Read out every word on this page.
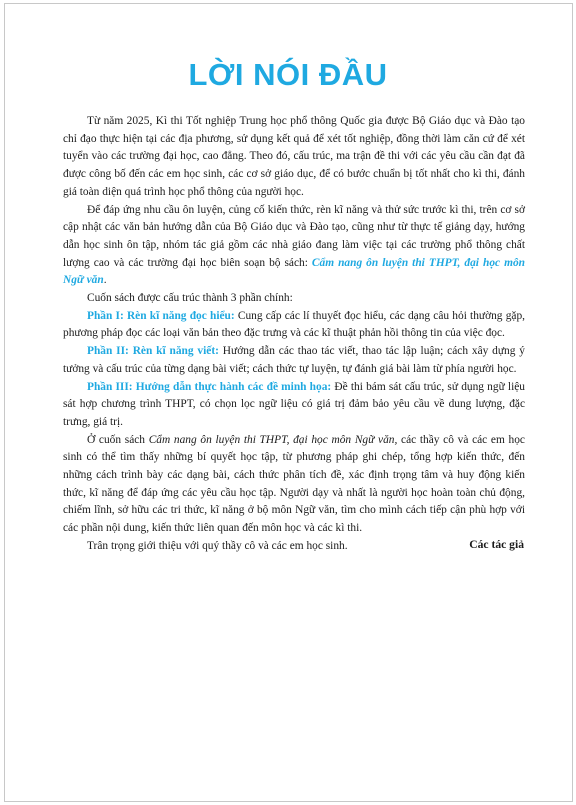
LỜI NÓI ĐẦU

Từ năm 2025, Kì thi Tốt nghiệp Trung học phổ thông Quốc gia được Bộ Giáo dục và Đào tạo chỉ đạo thực hiện tại các địa phương, sử dụng kết quả để xét tốt nghiệp, đồng thời làm căn cứ để xét tuyển vào các trường đại học, cao đẳng. Theo đó, cấu trúc, ma trận đề thi với các yêu cầu cần đạt đã được công bố đến các em học sinh, các cơ sở giáo dục, để có bước chuẩn bị tốt nhất cho kì thi, đánh giá toàn diện quá trình học phổ thông của người học.

Để đáp ứng nhu cầu ôn luyện, củng cố kiến thức, rèn kĩ năng và thử sức trước kì thi, trên cơ sở cập nhật các văn bản hướng dẫn của Bộ Giáo dục và Đào tạo, cũng như từ thực tế giảng dạy, hướng dẫn học sinh ôn tập, nhóm tác giả gồm các nhà giáo đang làm việc tại các trường phổ thông chất lượng cao và các trường đại học biên soạn bộ sách: Cẩm nang ôn luyện thi THPT, đại học môn Ngữ văn.

Cuốn sách được cấu trúc thành 3 phần chính:

Phần I: Rèn kĩ năng đọc hiểu: Cung cấp các lí thuyết đọc hiểu, các dạng câu hỏi thường gặp, phương pháp đọc các loại văn bản theo đặc trưng và các kĩ thuật phản hồi thông tin của việc đọc.

Phần II: Rèn kĩ năng viết: Hướng dẫn các thao tác viết, thao tác lập luận; cách xây dựng ý tưởng và cấu trúc của từng dạng bài viết; cách thức tự luyện, tự đánh giá bài làm từ phía người học.

Phần III: Hướng dẫn thực hành các đề minh họa: Đề thi bám sát cấu trúc, sử dụng ngữ liệu sát hợp chương trình THPT, có chọn lọc ngữ liệu có giá trị đảm bảo yêu cầu về dung lượng, đặc trưng, giá trị.

Ở cuốn sách Cẩm nang ôn luyện thi THPT, đại học môn Ngữ văn, các thầy cô và các em học sinh có thể tìm thấy những bí quyết học tập, từ phương pháp ghi chép, tổng hợp kiến thức, đến những cách trình bày các dạng bài, cách thức phân tích đề, xác định trọng tâm và huy động kiến thức, kĩ năng để đáp ứng các yêu cầu học tập. Người dạy và nhất là người học hoàn toàn chủ động, chiếm lĩnh, sở hữu các tri thức, kĩ năng ở bộ môn Ngữ văn, tìm cho mình cách tiếp cận phù hợp với các phần nội dung, kiến thức liên quan đến môn học và các kì thi.

Trân trọng giới thiệu với quý thầy cô và các em học sinh.	Các tác giả
